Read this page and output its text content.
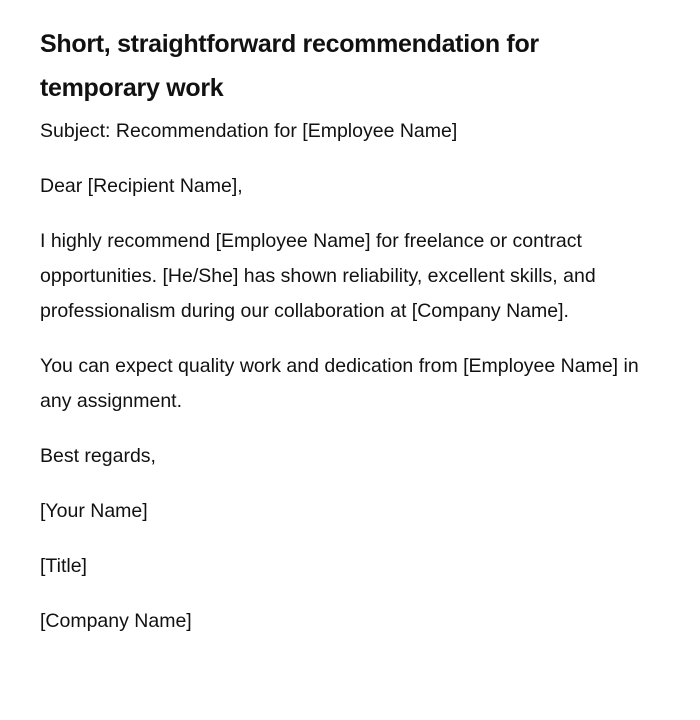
Short, straightforward recommendation for temporary work

Subject: Recommendation for [Employee Name]

Dear [Recipient Name],

I highly recommend [Employee Name] for freelance or contract opportunities. [He/She] has shown reliability, excellent skills, and professionalism during our collaboration at [Company Name].

You can expect quality work and dedication from [Employee Name] in any assignment.

Best regards,

[Your Name]

[Title]

[Company Name]
